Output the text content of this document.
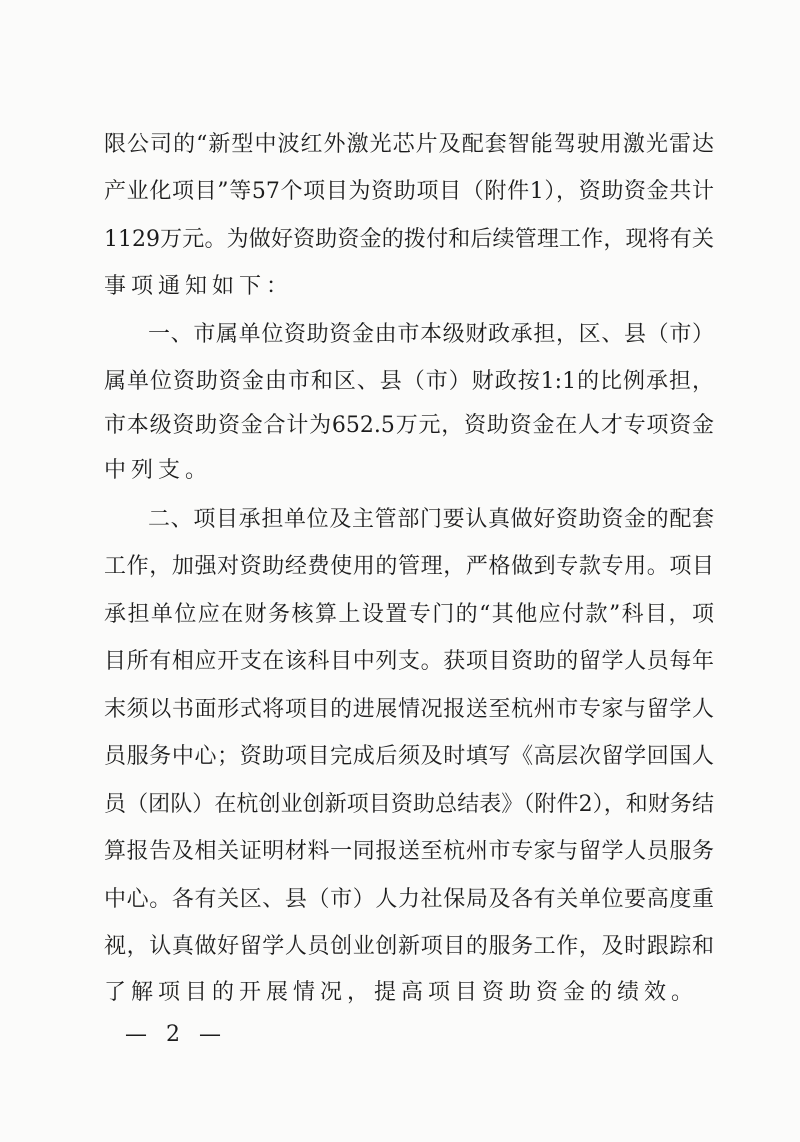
限公司的“新型中波红外激光芯片及配套智能驾驶用激光雷达
产业化项目”等57个项目为资助项目（附件1），资助资金共计
1129万元。为做好资助资金的拨付和后续管理工作，现将有关
事项通知如下：
一、市属单位资助资金由市本级财政承担，区、县（市）
属单位资助资金由市和区、县（市）财政按1:1的比例承担，
市本级资助资金合计为652.5万元，资助资金在人才专项资金
中列支。
二、项目承担单位及主管部门要认真做好资助资金的配套
工作，加强对资助经费使用的管理，严格做到专款专用。项目
承担单位应在财务核算上设置专门的“其他应付款”科目，项
目所有相应开支在该科目中列支。获项目资助的留学人员每年
末须以书面形式将项目的进展情况报送至杭州市专家与留学人
员服务中心；资助项目完成后须及时填写《高层次留学回国人
员（团队）在杭创业创新项目资助总结表》（附件2），和财务结
算报告及相关证明材料一同报送至杭州市专家与留学人员服务
中心。各有关区、县（市）人力社保局及各有关单位要高度重
视，认真做好留学人员创业创新项目的服务工作，及时跟踪和
了解项目的开展情况，提高项目资助资金的绩效。
— 2 —
